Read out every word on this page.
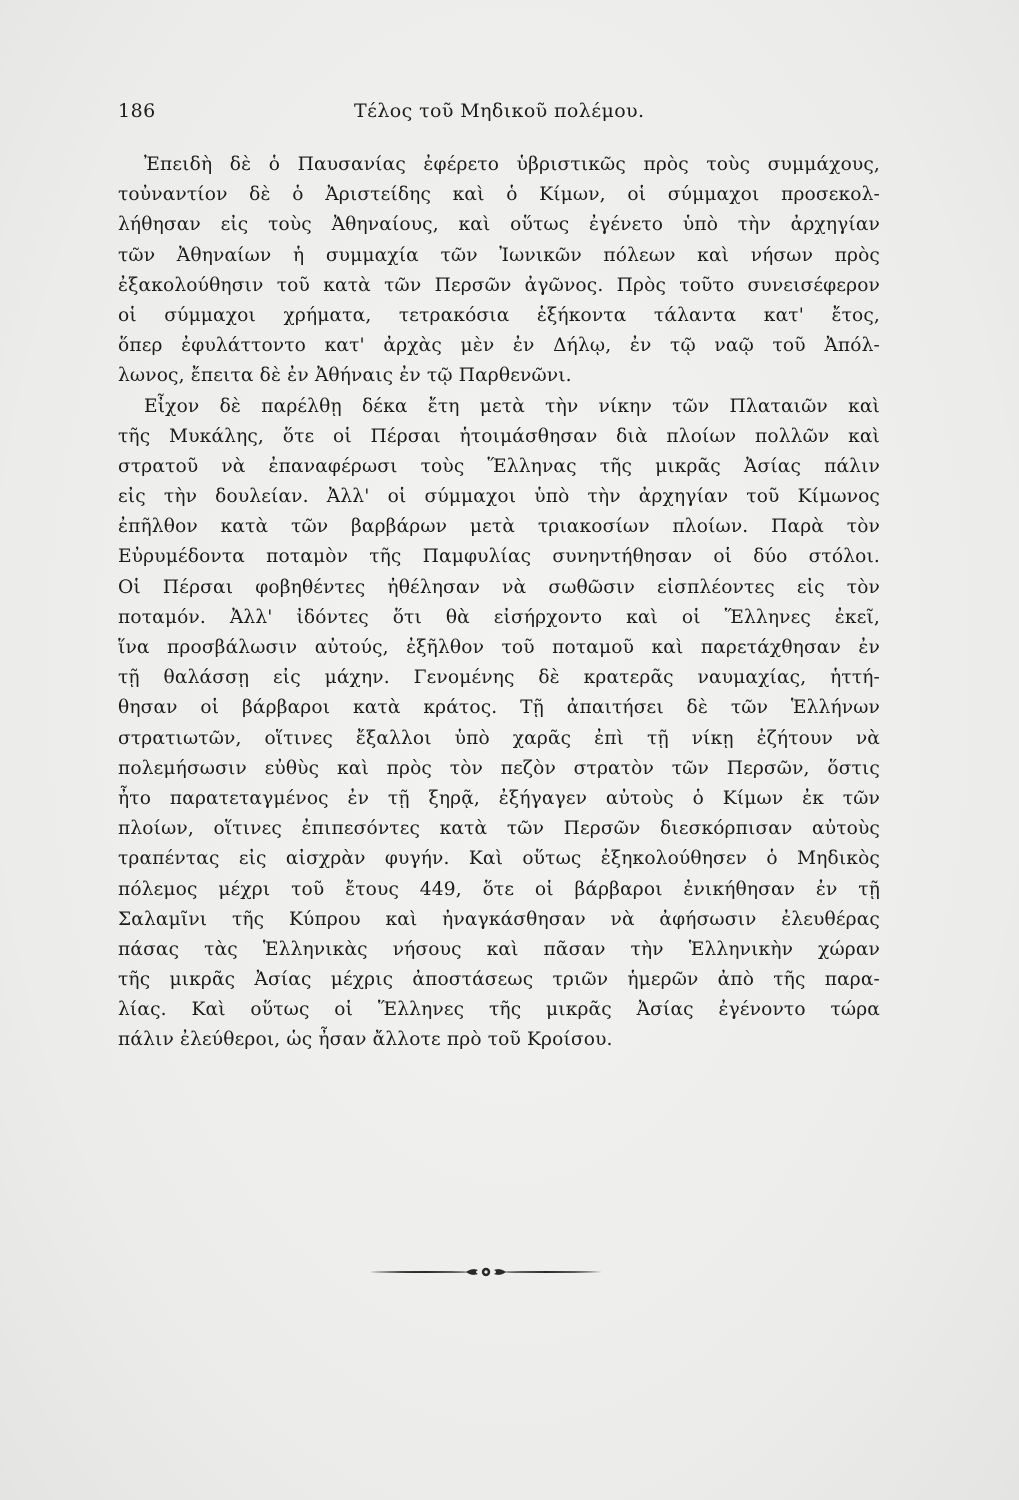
186	Τέλος τοῦ Μηδικοῦ πολέμου.
Ἐπειδὴ δὲ ὁ Παυσανίας ἐφέρετο ὑβριστικῶς πρὸς τοὺς συμμάχους,
τοὐναντίον δὲ ὁ Ἀριστείδης καὶ ὁ Κίμων, οἱ σύμμαχοι προσεκολ-
λήθησαν εἰς τοὺς Ἀθηναίους, καὶ οὕτως ἐγένετο ὑπὸ τὴν ἀρχηγίαν
τῶν Ἀθηναίων ἡ συμμαχία τῶν Ἰωνικῶν πόλεων καὶ νήσων πρὸς
ἐξακολούθησιν τοῦ κατὰ τῶν Περσῶν ἀγῶνος. Πρὸς τοῦτο συνεισέφερον
οἱ σύμμαχοι χρήματα, τετρακόσια ἑξήκοντα τάλαντα κατ' ἔτος,
ὅπερ ἐφυλάττοντο κατ' ἀρχὰς μὲν ἐν Δήλῳ, ἐν τῷ ναῷ τοῦ Ἀπόλ-
λωνος, ἔπειτα δὲ ἐν Ἀθήναις ἐν τῷ Παρθενῶνι.
Εἶχον δὲ παρέλθῃ δέκα ἔτη μετὰ τὴν νίκην τῶν Πλαταιῶν καὶ
τῆς Μυκάλης, ὅτε οἱ Πέρσαι ἡτοιμάσθησαν διὰ πλοίων πολλῶν καὶ
στρατοῦ νὰ ἐπαναφέρωσι τοὺς Ἕλληνας τῆς μικρᾶς Ἀσίας πάλιν
εἰς τὴν δουλείαν. Ἀλλ' οἱ σύμμαχοι ὑπὸ τὴν ἀρχηγίαν τοῦ Κίμωνος
ἐπῆλθον κατὰ τῶν βαρβάρων μετὰ τριακοσίων πλοίων. Παρὰ τὸν
Εὐρυμέδοντα ποταμὸν τῆς Παμφυλίας συνηντήθησαν οἱ δύο στόλοι.
Οἱ Πέρσαι φοβηθέντες ἠθέλησαν νὰ σωθῶσιν εἰσπλέοντες εἰς τὸν
ποταμόν. Ἀλλ' ἰδόντες ὅτι θὰ εἰσήρχοντο καὶ οἱ Ἕλληνες ἐκεῖ,
ἵνα προσβάλωσιν αὐτούς, ἐξῆλθον τοῦ ποταμοῦ καὶ παρετάχθησαν ἐν
τῇ θαλάσσῃ εἰς μάχην. Γενομένης δὲ κρατερᾶς ναυμαχίας, ἡττή-
θησαν οἱ βάρβαροι κατὰ κράτος. Τῇ ἀπαιτήσει δὲ τῶν Ἑλλήνων
στρατιωτῶν, οἵτινες ἔξαλλοι ὑπὸ χαρᾶς ἐπὶ τῇ νίκῃ ἐζήτουν νὰ
πολεμήσωσιν εὐθὺς καὶ πρὸς τὸν πεζὸν στρατὸν τῶν Περσῶν, ὅστις
ἦτο παρατεταγμένος ἐν τῇ ξηρᾷ, ἐξήγαγεν αὐτοὺς ὁ Κίμων ἐκ τῶν
πλοίων, οἵτινες ἐπιπεσόντες κατὰ τῶν Περσῶν διεσκόρπισαν αὐτοὺς
τραπέντας εἰς αἰσχρὰν φυγήν. Καὶ οὕτως ἐξηκολούθησεν ὁ Μηδικὸς
πόλεμος μέχρι τοῦ ἔτους 449, ὅτε οἱ βάρβαροι ἐνικήθησαν ἐν τῇ
Σαλαμῖνι τῆς Κύπρου καὶ ἠναγκάσθησαν νὰ ἀφήσωσιν ἐλευθέρας
πάσας τὰς Ἑλληνικὰς νήσους καὶ πᾶσαν τὴν Ἑλληνικὴν χώραν
τῆς μικρᾶς Ἀσίας μέχρις ἀποστάσεως τριῶν ἡμερῶν ἀπὸ τῆς παρα-
λίας. Καὶ οὕτως οἱ Ἕλληνες τῆς μικρᾶς Ἀσίας ἐγένοντο τώρα
πάλιν ἐλεύθεροι, ὡς ἦσαν ἄλλοτε πρὸ τοῦ Κροίσου.
